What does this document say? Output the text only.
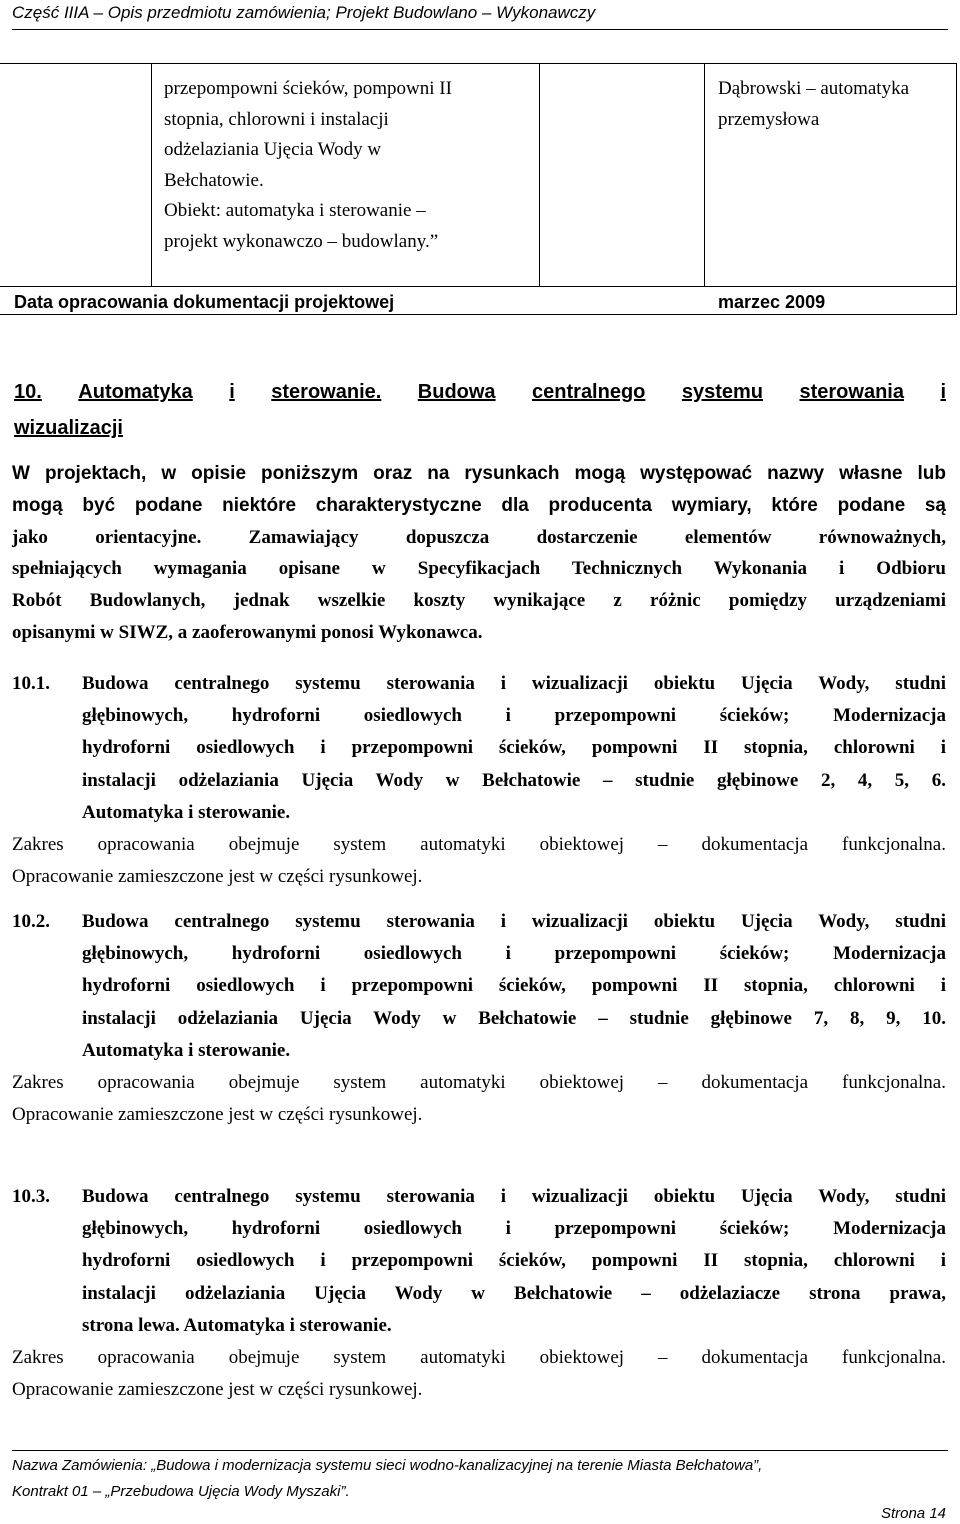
Część IIIA – Opis przedmiotu zamówienia; Projekt Budowlano – Wykonawczy
przepompowni ścieków, pompowni II
stopnia, chlorowni i instalacji
odżelaziania Ujęcia Wody w
Bełchatowie.
Obiekt: automatyka i sterowanie –
projekt wykonawczo – budowlany.”
Dąbrowski – automatyka
przemysłowa
Data opracowania dokumentacji projektowej	marzec 2009
10. Automatyka i sterowanie. Budowa centralnego systemu sterowania i
wizualizacji
W projektach, w opisie poniższym oraz na rysunkach mogą występować nazwy własne lub
mogą być podane niektóre charakterystyczne dla producenta wymiary, które podane są
jako orientacyjne. Zamawiający dopuszcza dostarczenie elementów równoważnych,
spełniających wymagania opisane w Specyfikacjach Technicznych Wykonania i Odbioru
Robót Budowlanych, jednak wszelkie koszty wynikające z różnic pomiędzy urządzeniami
opisanymi w SIWZ, a zaoferowanymi ponosi Wykonawca.
10.1. Budowa centralnego systemu sterowania i wizualizacji obiektu Ujęcia Wody, studni
głębinowych, hydroforni osiedlowych i przepompowni ścieków; Modernizacja
hydroforni osiedlowych i przepompowni ścieków, pompowni II stopnia, chlorowni i
instalacji odżelaziania Ujęcia Wody w Bełchatowie – studnie głębinowe 2, 4, 5, 6.
Automatyka i sterowanie.
Zakres opracowania obejmuje system automatyki obiektowej – dokumentacja funkcjonalna.
Opracowanie zamieszczone jest w części rysunkowej.
10.2. Budowa centralnego systemu sterowania i wizualizacji obiektu Ujęcia Wody, studni
głębinowych, hydroforni osiedlowych i przepompowni ścieków; Modernizacja
hydroforni osiedlowych i przepompowni ścieków, pompowni II stopnia, chlorowni i
instalacji odżelaziania Ujęcia Wody w Bełchatowie – studnie głębinowe 7, 8, 9, 10.
Automatyka i sterowanie.
Zakres opracowania obejmuje system automatyki obiektowej – dokumentacja funkcjonalna.
Opracowanie zamieszczone jest w części rysunkowej.
10.3. Budowa centralnego systemu sterowania i wizualizacji obiektu Ujęcia Wody, studni
głębinowych, hydroforni osiedlowych i przepompowni ścieków; Modernizacja
hydroforni osiedlowych i przepompowni ścieków, pompowni II stopnia, chlorowni i
instalacji odżelaziania Ujęcia Wody w Bełchatowie – odżelaziacze strona prawa,
strona lewa. Automatyka i sterowanie.
Zakres opracowania obejmuje system automatyki obiektowej – dokumentacja funkcjonalna.
Opracowanie zamieszczone jest w części rysunkowej.
Nazwa Zamówienia: „Budowa i modernizacja systemu sieci wodno-kanalizacyjnej na terenie Miasta Bełchatowa”,
Kontrakt 01 – „Przebudowa Ujęcia Wody Myszaki”.
Strona 14
